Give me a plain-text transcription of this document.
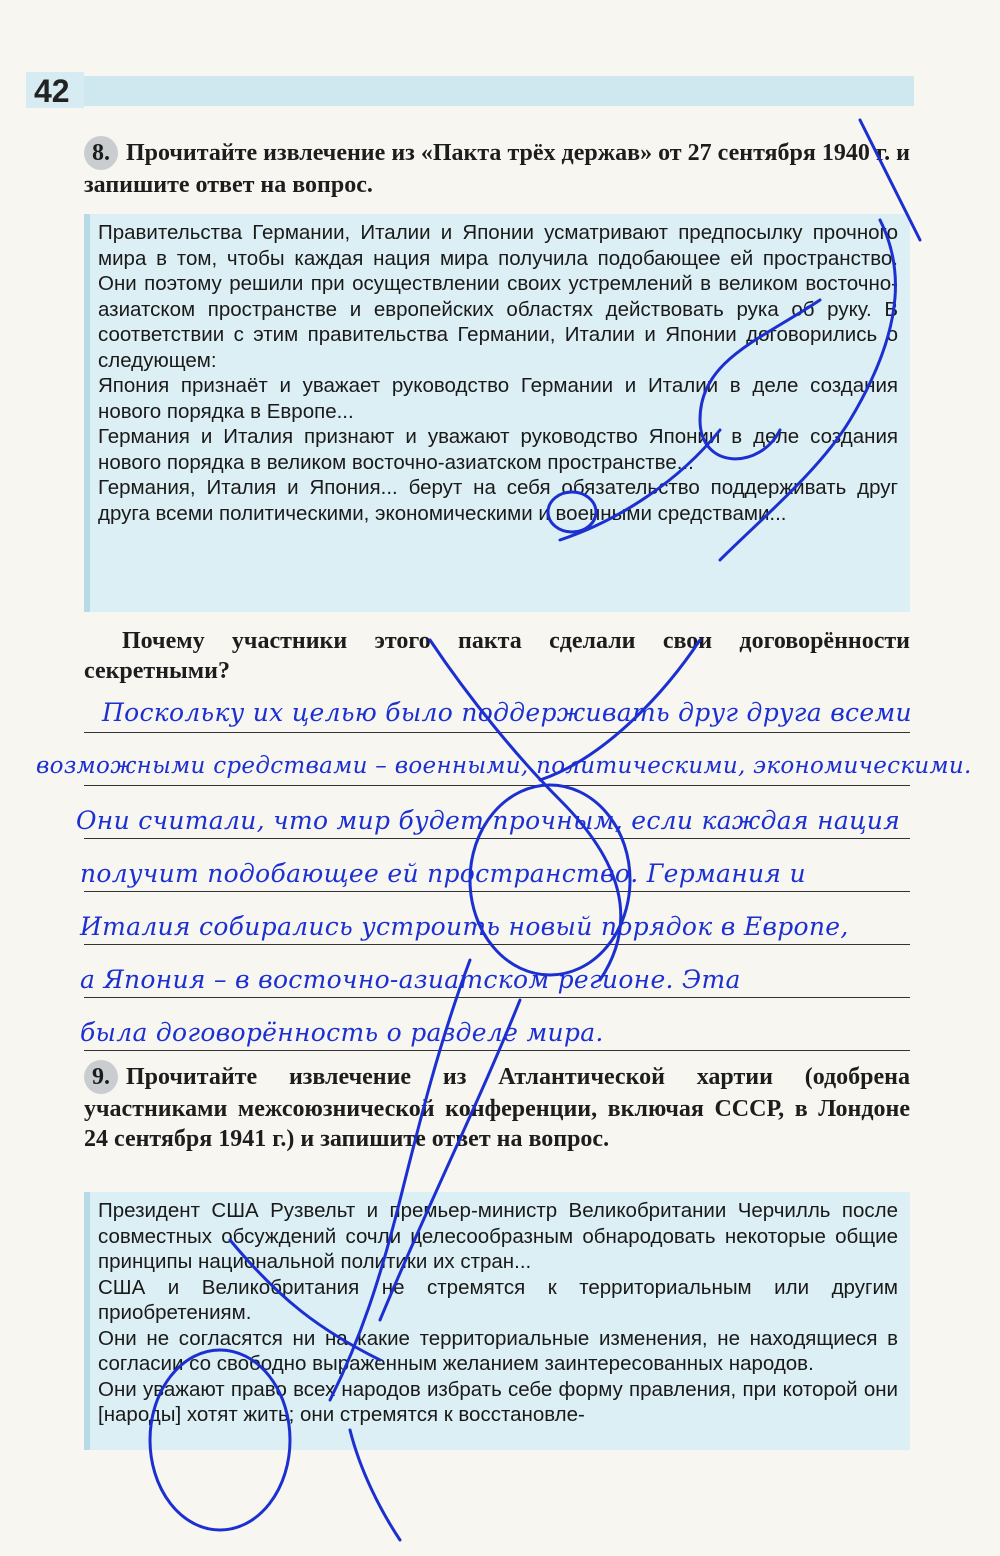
42
8. Прочитайте извлечение из «Пакта трёх держав» от 27 сентября 1940 г. и запишите ответ на вопрос.

Правительства Германии, Италии и Японии усматривают предпосылку прочного мира в том, чтобы каждая нация мира получила подобающее ей пространство. Они поэтому решили при осуществлении своих устремлений в великом восточно-азиатском пространстве и европейских областях действовать рука об руку. В соответствии с этим правительства Германии, Италии и Японии договорились о следующем:

Япония признаёт и уважает руководство Германии и Италии в деле создания нового порядка в Европе...

Германия и Италия признают и уважают руководство Японии в деле создания нового порядка в великом восточно-азиатском пространстве...

Германия, Италия и Япония... берут на себя обязательство поддерживать друг друга всеми политическими, экономическими и военными средствами...

Почему участники этого пакта сделали свои договорённости секретными?
Поскольку их целью было поддерживать друг друга всеми
возможными средствами – военными, политическими, экономическими.
Они считали, что мир будет прочным, если каждая нация
получит подобающее ей пространство. Германия и
Италия собирались устроить новый порядок в Европе,
а Япония – в восточно-азиатском регионе. Эта
была договорённость о разделе мира.
9. Прочитайте извлечение из Атлантической хартии (одобрена участниками межсоюзнической конференции, включая СССР, в Лондоне 24 сентября 1941 г.) и запишите ответ на вопрос.

Президент США Рузвельт и премьер-министр Великобритании Черчилль после совместных обсуждений сочли целесообразным обнародовать некоторые общие принципы национальной политики их стран...

США и Великобритания не стремятся к территориальным или другим приобретениям.

Они не согласятся ни на какие территориальные изменения, не находящиеся в согласии со свободно выраженным желанием заинтересованных народов.

Они уважают право всех народов избрать себе форму правления, при которой они [народы] хотят жить; они стремятся к восстановле-
